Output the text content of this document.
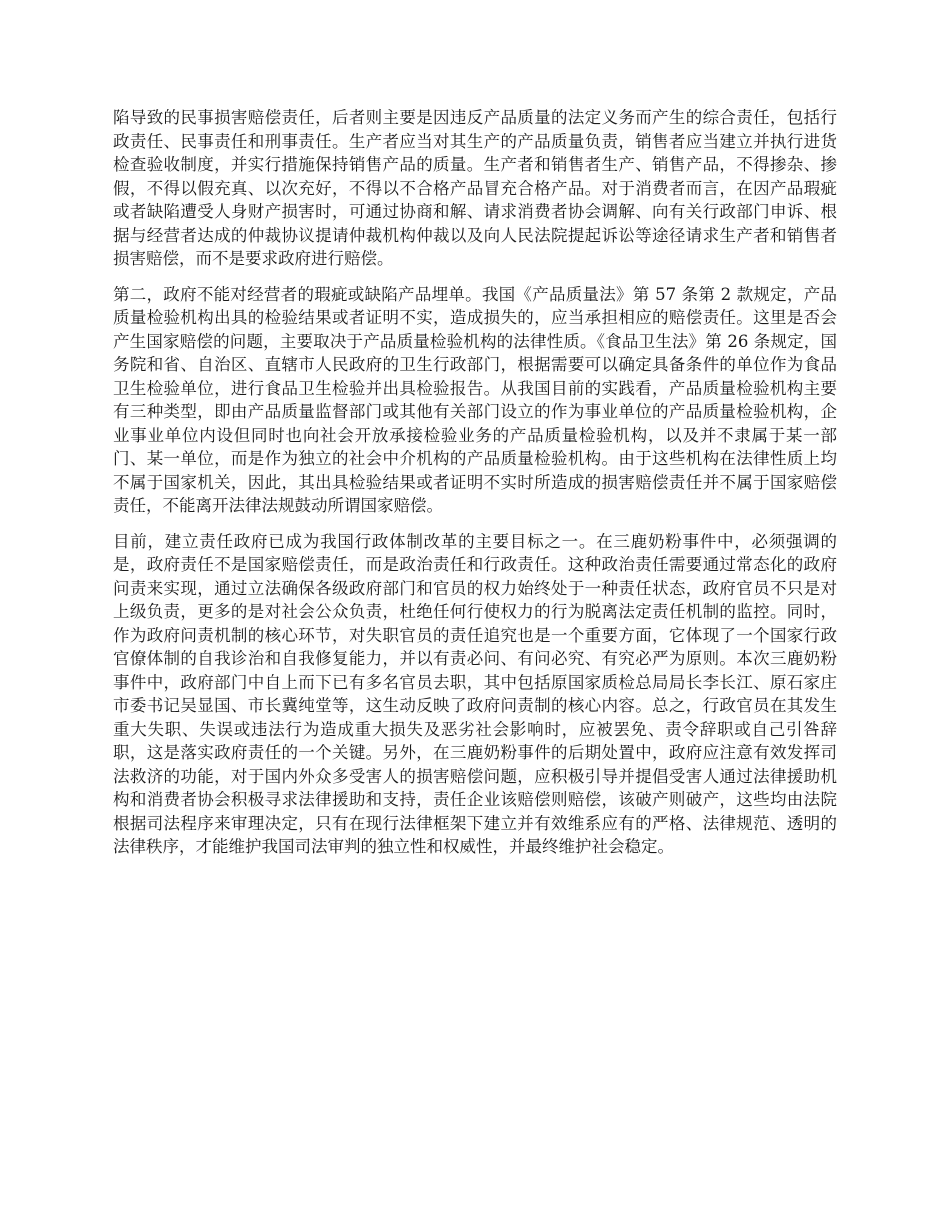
陷导致的民事损害赔偿责任，后者则主要是因违反产品质量的法定义务而产生的综合责任，包括行政责任、民事责任和刑事责任。生产者应当对其生产的产品质量负责，销售者应当建立并执行进货检查验收制度，并实行措施保持销售产品的质量。生产者和销售者生产、销售产品，不得掺杂、掺假，不得以假充真、以次充好，不得以不合格产品冒充合格产品。对于消费者而言，在因产品瑕疵或者缺陷遭受人身财产损害时，可通过协商和解、请求消费者协会调解、向有关行政部门申诉、根据与经营者达成的仲裁协议提请仲裁机构仲裁以及向人民法院提起诉讼等途径请求生产者和销售者损害赔偿，而不是要求政府进行赔偿。

第二，政府不能对经营者的瑕疵或缺陷产品埋单。我国《产品质量法》第 57 条第 2 款规定，产品质量检验机构出具的检验结果或者证明不实，造成损失的，应当承担相应的赔偿责任。这里是否会产生国家赔偿的问题，主要取决于产品质量检验机构的法律性质。《食品卫生法》第 26 条规定，国务院和省、自治区、直辖市人民政府的卫生行政部门，根据需要可以确定具备条件的单位作为食品卫生检验单位，进行食品卫生检验并出具检验报告。从我国目前的实践看，产品质量检验机构主要有三种类型，即由产品质量监督部门或其他有关部门设立的作为事业单位的产品质量检验机构，企业事业单位内设但同时也向社会开放承接检验业务的产品质量检验机构，以及并不隶属于某一部门、某一单位，而是作为独立的社会中介机构的产品质量检验机构。由于这些机构在法律性质上均不属于国家机关，因此，其出具检验结果或者证明不实时所造成的损害赔偿责任并不属于国家赔偿责任，不能离开法律法规鼓动所谓国家赔偿。

目前，建立责任政府已成为我国行政体制改革的主要目标之一。在三鹿奶粉事件中，必须强调的是，政府责任不是国家赔偿责任，而是政治责任和行政责任。这种政治责任需要通过常态化的政府问责来实现，通过立法确保各级政府部门和官员的权力始终处于一种责任状态，政府官员不只是对上级负责，更多的是对社会公众负责，杜绝任何行使权力的行为脱离法定责任机制的监控。同时，作为政府问责机制的核心环节，对失职官员的责任追究也是一个重要方面，它体现了一个国家行政官僚体制的自我诊治和自我修复能力，并以有责必问、有问必究、有究必严为原则。本次三鹿奶粉事件中，政府部门中自上而下已有多名官员去职，其中包括原国家质检总局局长李长江、原石家庄市委书记吴显国、市长冀纯堂等，这生动反映了政府问责制的核心内容。总之，行政官员在其发生重大失职、失误或违法行为造成重大损失及恶劣社会影响时，应被罢免、责令辞职或自己引咎辞职，这是落实政府责任的一个关键。另外，在三鹿奶粉事件的后期处置中，政府应注意有效发挥司法救济的功能，对于国内外众多受害人的损害赔偿问题，应积极引导并提倡受害人通过法律援助机构和消费者协会积极寻求法律援助和支持，责任企业该赔偿则赔偿，该破产则破产，这些均由法院根据司法程序来审理决定，只有在现行法律框架下建立并有效维系应有的严格、法律规范、透明的法律秩序，才能维护我国司法审判的独立性和权威性，并最终维护社会稳定。
